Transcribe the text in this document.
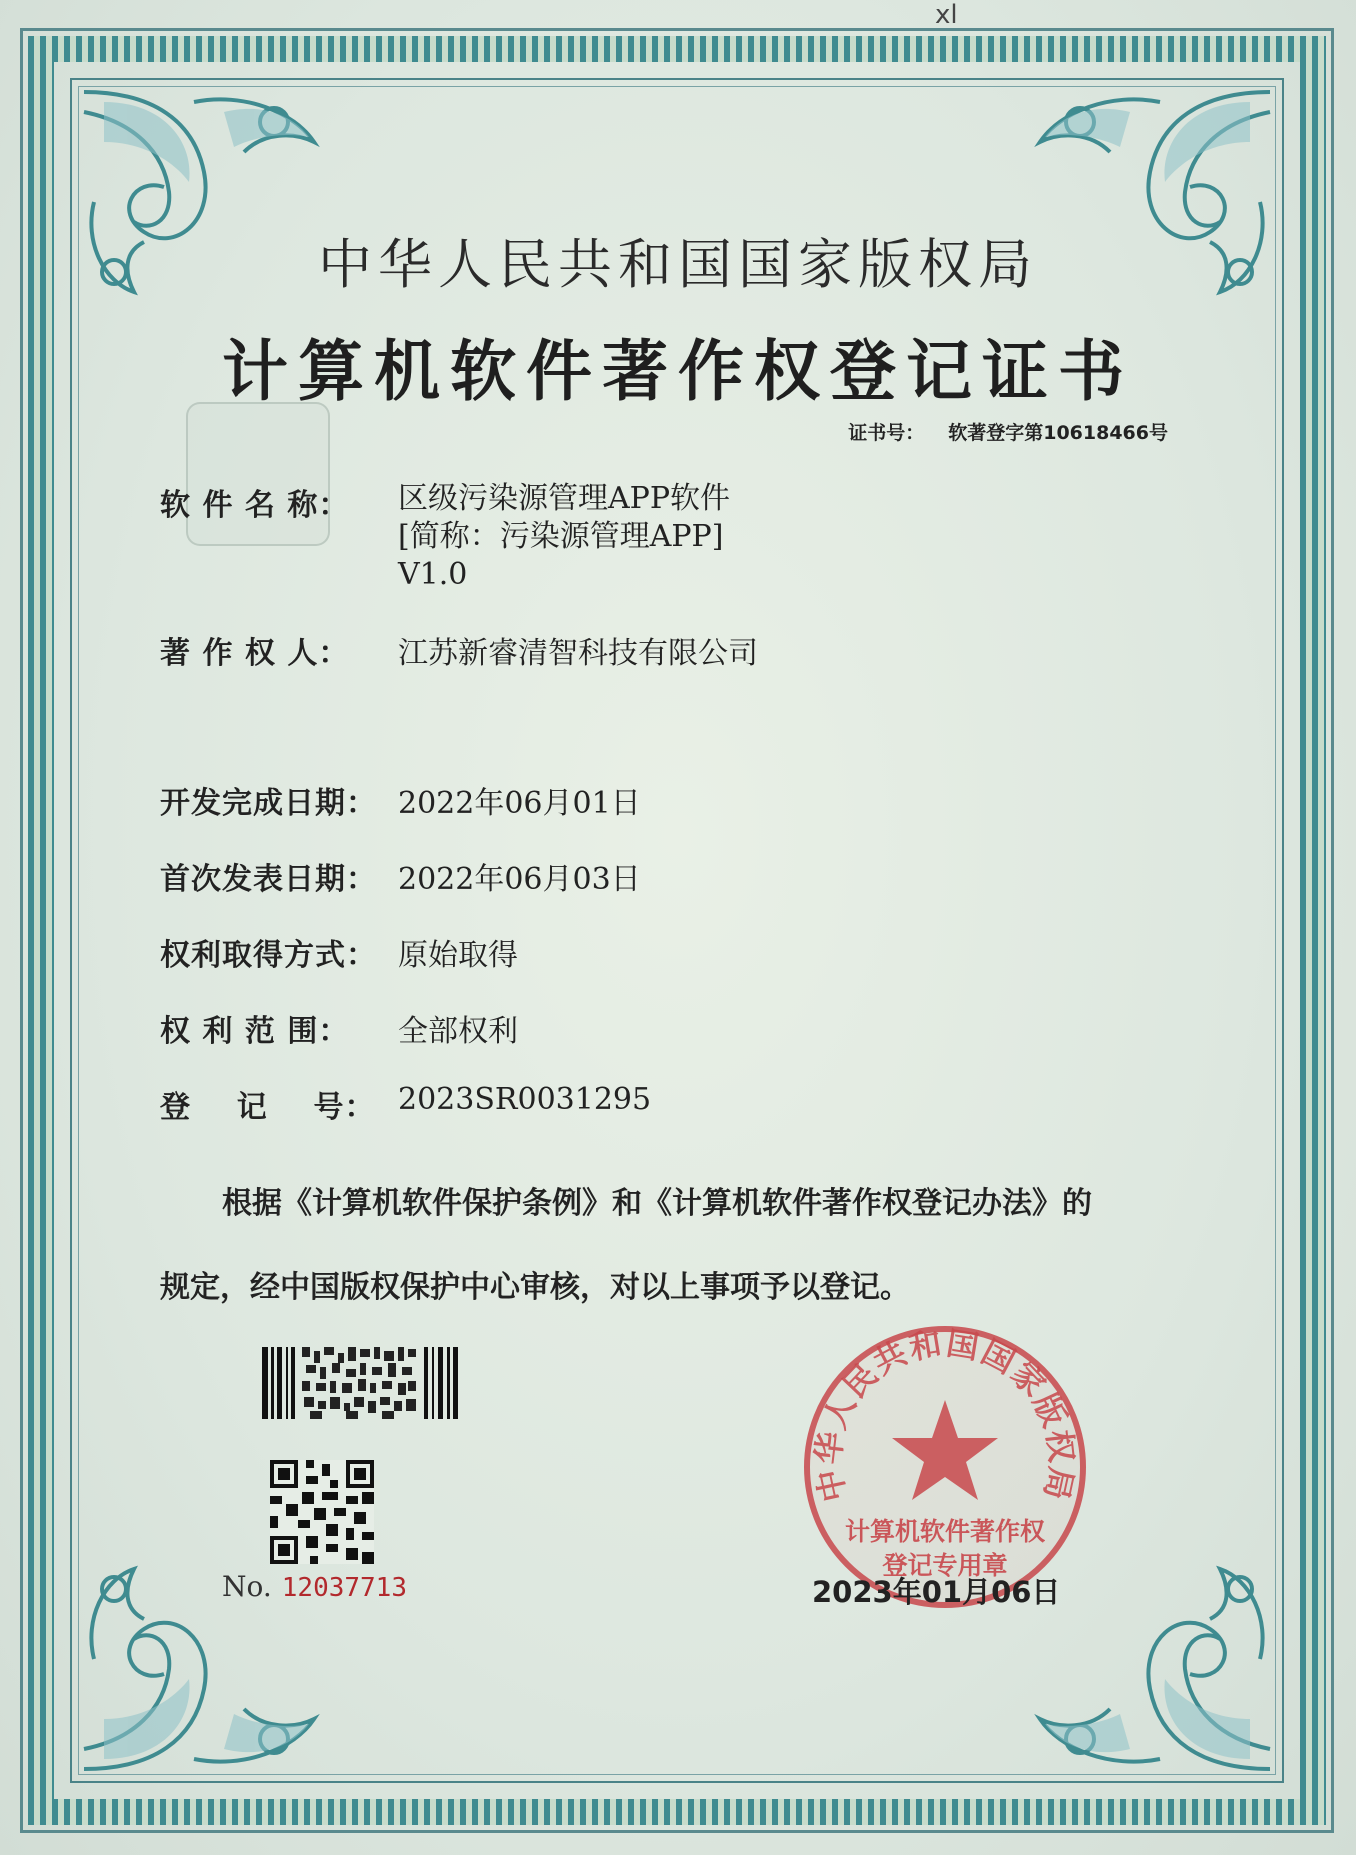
xl
中华人民共和国国家版权局
计算机软件著作权登记证书
证书号： 软著登字第10618466号
软 件 名 称：	区级污染源管理APP软件
[简称：污染源管理APP]
V1.0
著 作 权 人：	江苏新睿清智科技有限公司
开发完成日期： 2022年06月01日
首次发表日期： 2022年06月03日
权利取得方式： 原始取得
权 利 范 围：	全部权利
登    记    号： 2023SR0031295
根据《计算机软件保护条例》和《计算机软件著作权登记办法》的
规定，经中国版权保护中心审核，对以上事项予以登记。
No. 12037713
中华人民共和国国家版权局
计算机软件著作权
登记专用章
2023年01月06日
